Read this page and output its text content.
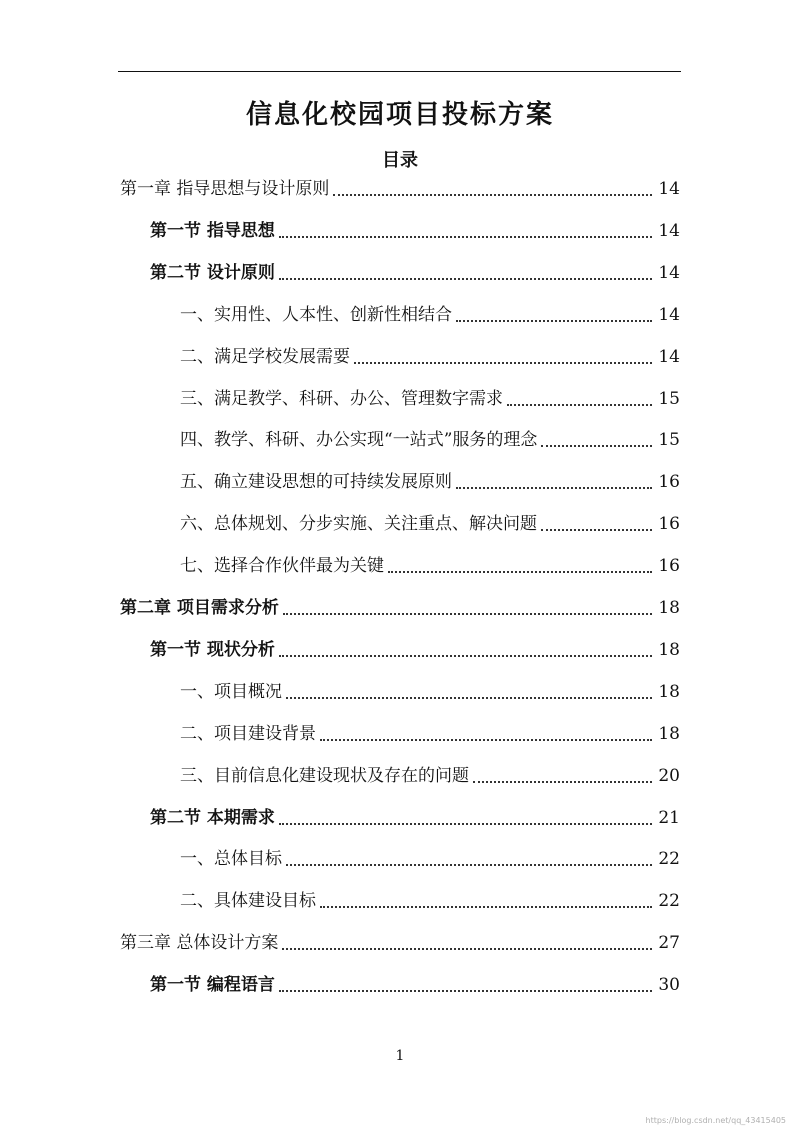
信息化校园项目投标方案
目录
第一章 指导思想与设计原则	14
第一节 指导思想	14
第二节 设计原则	14
一、实用性、人本性、创新性相结合	14
二、满足学校发展需要	14
三、满足教学、科研、办公、管理数字需求	15
四、教学、科研、办公实现“一站式”服务的理念	15
五、确立建设思想的可持续发展原则	16
六、总体规划、分步实施、关注重点、解决问题	16
七、选择合作伙伴最为关键	16
第二章 项目需求分析	18
第一节 现状分析	18
一、项目概况	18
二、项目建设背景	18
三、目前信息化建设现状及存在的问题	20
第二节 本期需求	21
一、总体目标	22
二、具体建设目标	22
第三章 总体设计方案	27
第一节 编程语言	30
1
https://blog.csdn.net/qq_43415405
